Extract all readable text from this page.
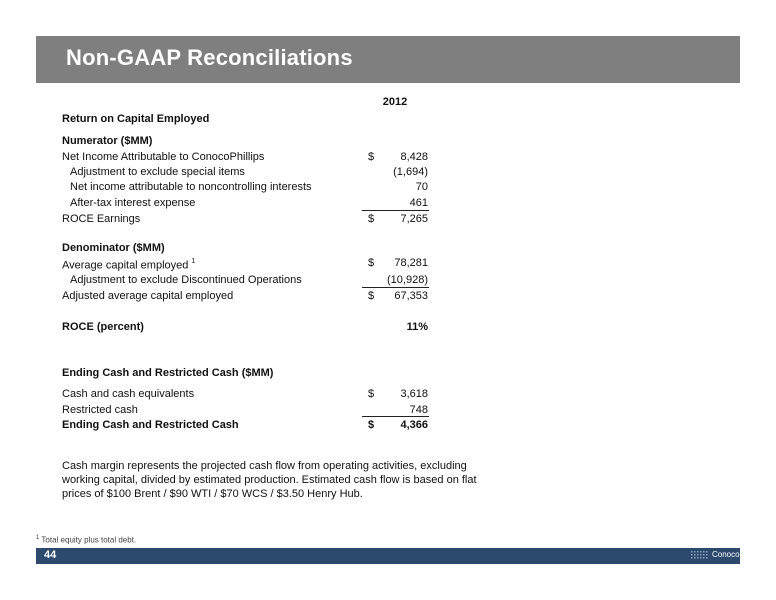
Non-GAAP Reconciliations
2012
Return on Capital Employed
Numerator ($MM)
Net Income Attributable to ConocoPhillips	$	8,428
Adjustment to exclude special items	(1,694)
Net income attributable to noncontrolling interests	70
After-tax interest expense	461
ROCE Earnings	$	7,265
Denominator ($MM)
Average capital employed $^1$	$	78,281
Adjustment to exclude Discontinued Operations	(10,928)
Adjusted average capital employed	$	67,353
ROCE (percent)	11%
Ending Cash and Restricted Cash ($MM)
Cash and cash equivalents	$	3,618
Restricted cash	748
Ending Cash and Restricted Cash	$	4,366
Cash margin represents the projected cash flow from operating activities, excluding working capital, divided by estimated production. Estimated cash flow is based on flat prices of $100 Brent / $90 WTI / $70 WCS / $3.50 Henry Hub.
$^1$ Total equity plus total debt.
44	ConocoPhillips
